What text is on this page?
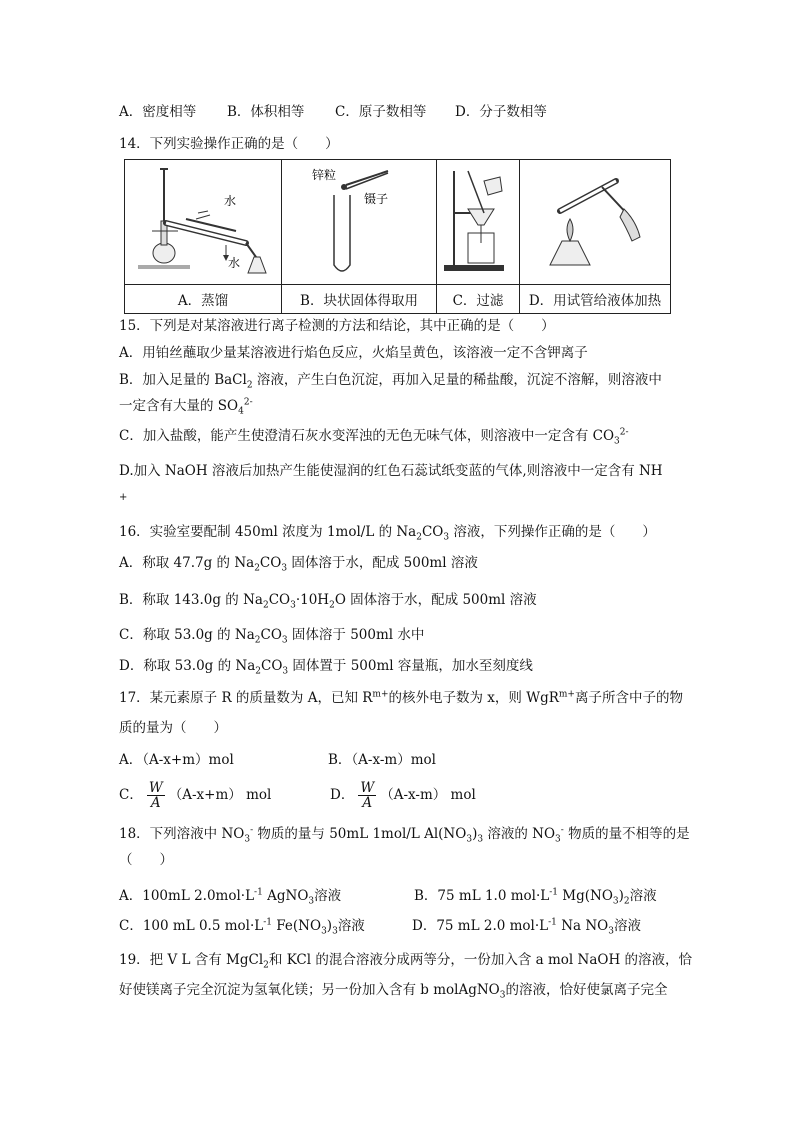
A．密度相等 B．体积相等 C．原子数相等 D．分子数相等
14．下列实验操作正确的是（　　）
水
水	锌粒
镊子

A．蒸馏	B．块状固体得取用	C．过滤	D．用试管给液体加热
15．下列是对某溶液进行离子检测的方法和结论，其中正确的是（　　）
A．用铂丝蘸取少量某溶液进行焰色反应，火焰呈黄色，该溶液一定不含钾离子
B．加入足量的 BaCl$_2$ 溶液，产生白色沉淀，再加入足量的稀盐酸，沉淀不溶解，则溶液中
一定含有大量的 $SO_4^{2-}$
C．加入盐酸，能产生使澄清石灰水变浑浊的无色无味气体，则溶液中一定含有 $CO_3^{2-}$
D.加入 NaOH 溶液后加热产生能使湿润的红色石蕊试纸变蓝的气体,则溶液中一定含有 NH
+
16．实验室要配制 450ml 浓度为 1mol/L 的 $Na_2CO_3$ 溶液，下列操作正确的是（　　）
A．称取 47.7g 的 $Na_2CO_3$ 固体溶于水，配成 500ml 溶液
B．称取 143.0g 的 $Na_2CO_3\cdot 10H_2O$ 固体溶于水，配成 500ml 溶液
C．称取 53.0g 的 $Na_2CO_3$ 固体溶于 500ml 水中
D．称取 53.0g 的 $Na_2CO_3$ 固体置于 500ml 容量瓶，加水至刻度线
17．某元素原子 R 的质量数为 A，已知 $R^{m+}$的核外电子数为 x，则 WgR$^{m+}$离子所含中子的物
质的量为（　　）
A．（A-x+m）mol	B．（A-x-m）mol
C． $\frac{W}{A} (A-x+m)$ mol	D． $\frac{W}{A} (A-x-m)$ mol
18．下列溶液中 $NO_3^-$ 物质的量与 50mL 1mol/L $Al(NO_3)_3$ 溶液的 $NO_3^-$ 物质的量不相等的是
（　　）
A．100mL $2.0mol\cdot L^{-1}$ AgNO$_3$溶液	B．75 mL 1.0 $mol\cdot L^{-1}$ $Mg(NO_3)_2$溶液
C．100 mL 0.5 $mol\cdot L^{-1}$ $Fe(NO_3)_3$溶液	D．75 mL 2.0 $mol\cdot L^{-1}$ Na $NO_3$溶液
19．把 V L 含有 MgCl$_2$和 KCl 的混合溶液分成两等分，一份加入含 a mol NaOH 的溶液，恰
好使镁离子完全沉淀为氢氧化镁；另一份加入含有 b molAgNO$_3$的溶液，恰好使氯离子完全
